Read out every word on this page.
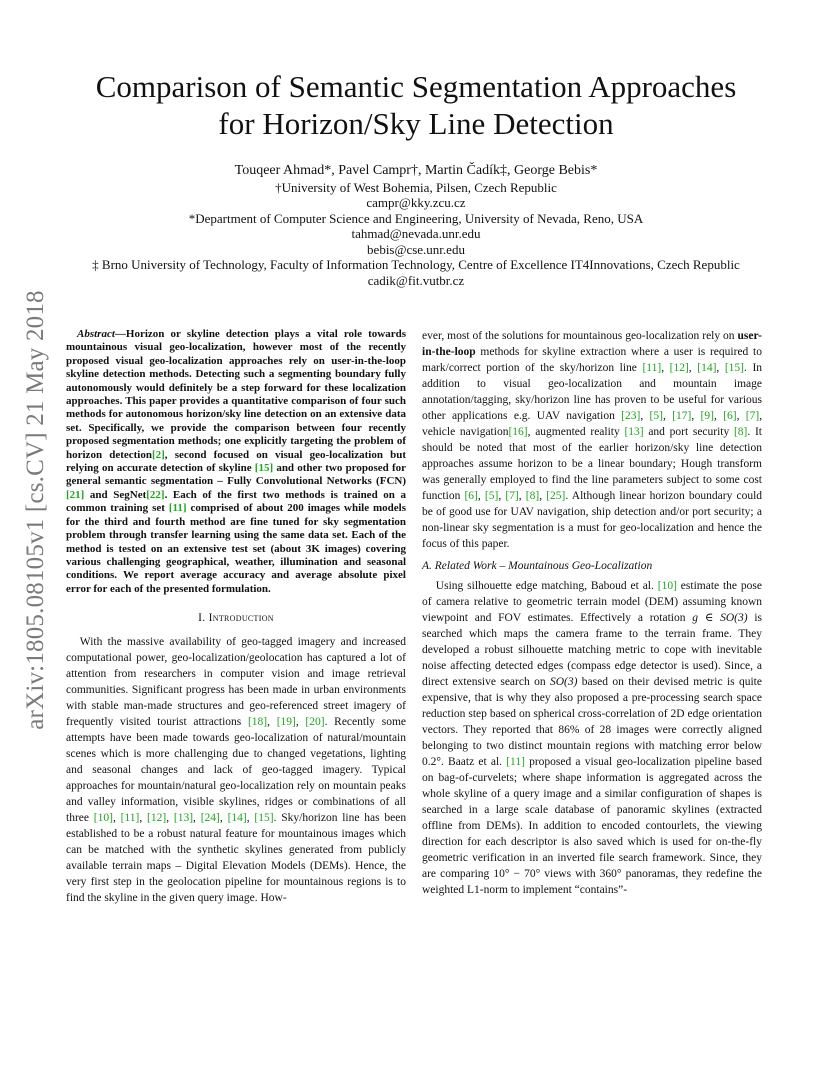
arXiv:1805.08105v1 [cs.CV] 21 May 2018
Comparison of Semantic Segmentation Approaches
for Horizon/Sky Line Detection
Touqeer Ahmad*, Pavel Campr†, Martin Čadík‡, George Bebis*
†University of West Bohemia, Pilsen, Czech Republic
campr@kky.zcu.cz
*Department of Computer Science and Engineering, University of Nevada, Reno, USA
tahmad@nevada.unr.edu
bebis@cse.unr.edu
‡ Brno University of Technology, Faculty of Information Technology, Centre of Excellence IT4Innovations, Czech Republic
cadik@fit.vutbr.cz

Abstract—Horizon or skyline detection plays a vital role towards mountainous visual geo-localization, however most of the recently proposed visual geo-localization approaches rely on user-in-the-loop skyline detection methods. Detecting such a segmenting boundary fully autonomously would definitely be a step forward for these localization approaches. This paper provides a quantitative comparison of four such methods for autonomous horizon/sky line detection on an extensive data set. Specifically, we provide the comparison between four recently proposed segmentation methods; one explicitly targeting the problem of horizon detection[2], second focused on visual geo-localization but relying on accurate detection of skyline [15] and other two proposed for general semantic segmentation – Fully Convolutional Networks (FCN) [21] and SegNet[22]. Each of the first two methods is trained on a common training set [11] comprised of about 200 images while models for the third and fourth method are fine tuned for sky segmentation problem through transfer learning using the same data set. Each of the method is tested on an extensive test set (about 3K images) covering various challenging geographical, weather, illumination and seasonal conditions. We report average accuracy and average absolute pixel error for each of the presented formulation.

I. Introduction

With the massive availability of geo-tagged imagery and increased computational power, geo-localization/geolocation has captured a lot of attention from researchers in computer vision and image retrieval communities. Significant progress has been made in urban environments with stable man-made structures and geo-referenced street imagery of frequently visited tourist attractions [18], [19], [20]. Recently some attempts have been made towards geo-localization of natural/mountain scenes which is more challenging due to changed vegetations, lighting and seasonal changes and lack of geo-tagged imagery. Typical approaches for mountain/natural geo-localization rely on mountain peaks and valley information, visible skylines, ridges or combinations of all three [10], [11], [12], [13], [24], [14], [15]. Sky/horizon line has been established to be a robust natural feature for mountainous images which can be matched with the synthetic skylines generated from publicly available terrain maps – Digital Elevation Models (DEMs). Hence, the very first step in the geolocation pipeline for mountainous regions is to find the skyline in the given query image. How-

ever, most of the solutions for mountainous geo-localization rely on user-in-the-loop methods for skyline extraction where a user is required to mark/correct portion of the sky/horizon line [11], [12], [14], [15]. In addition to visual geo-localization and mountain image annotation/tagging, sky/horizon line has proven to be useful for various other applications e.g. UAV navigation [23], [5], [17], [9], [6], [7], vehicle navigation[16], augmented reality [13] and port security [8]. It should be noted that most of the earlier horizon/sky line detection approaches assume horizon to be a linear boundary; Hough transform was generally employed to find the line parameters subject to some cost function [6], [5], [7], [8], [25]. Although linear horizon boundary could be of good use for UAV navigation, ship detection and/or port security; a non-linear sky segmentation is a must for geo-localization and hence the focus of this paper.

A. Related Work – Mountainous Geo-Localization

Using silhouette edge matching, Baboud et al. [10] estimate the pose of camera relative to geometric terrain model (DEM) assuming known viewpoint and FOV estimates. Effectively a rotation g ∈ SO(3) is searched which maps the camera frame to the terrain frame. They developed a robust silhouette matching metric to cope with inevitable noise affecting detected edges (compass edge detector is used). Since, a direct extensive search on SO(3) based on their devised metric is quite expensive, that is why they also proposed a pre-processing search space reduction step based on spherical cross-correlation of 2D edge orientation vectors. They reported that 86% of 28 images were correctly aligned belonging to two distinct mountain regions with matching error below 0.2°. Baatz et al. [11] proposed a visual geo-localization pipeline based on bag-of-curvelets; where shape information is aggregated across the whole skyline of a query image and a similar configuration of shapes is searched in a large scale database of panoramic skylines (extracted offline from DEMs). In addition to encoded contourlets, the viewing direction for each descriptor is also saved which is used for on-the-fly geometric verification in an inverted file search framework. Since, they are comparing 10° − 70° views with 360° panoramas, they redefine the weighted L1-norm to implement “contains”-
